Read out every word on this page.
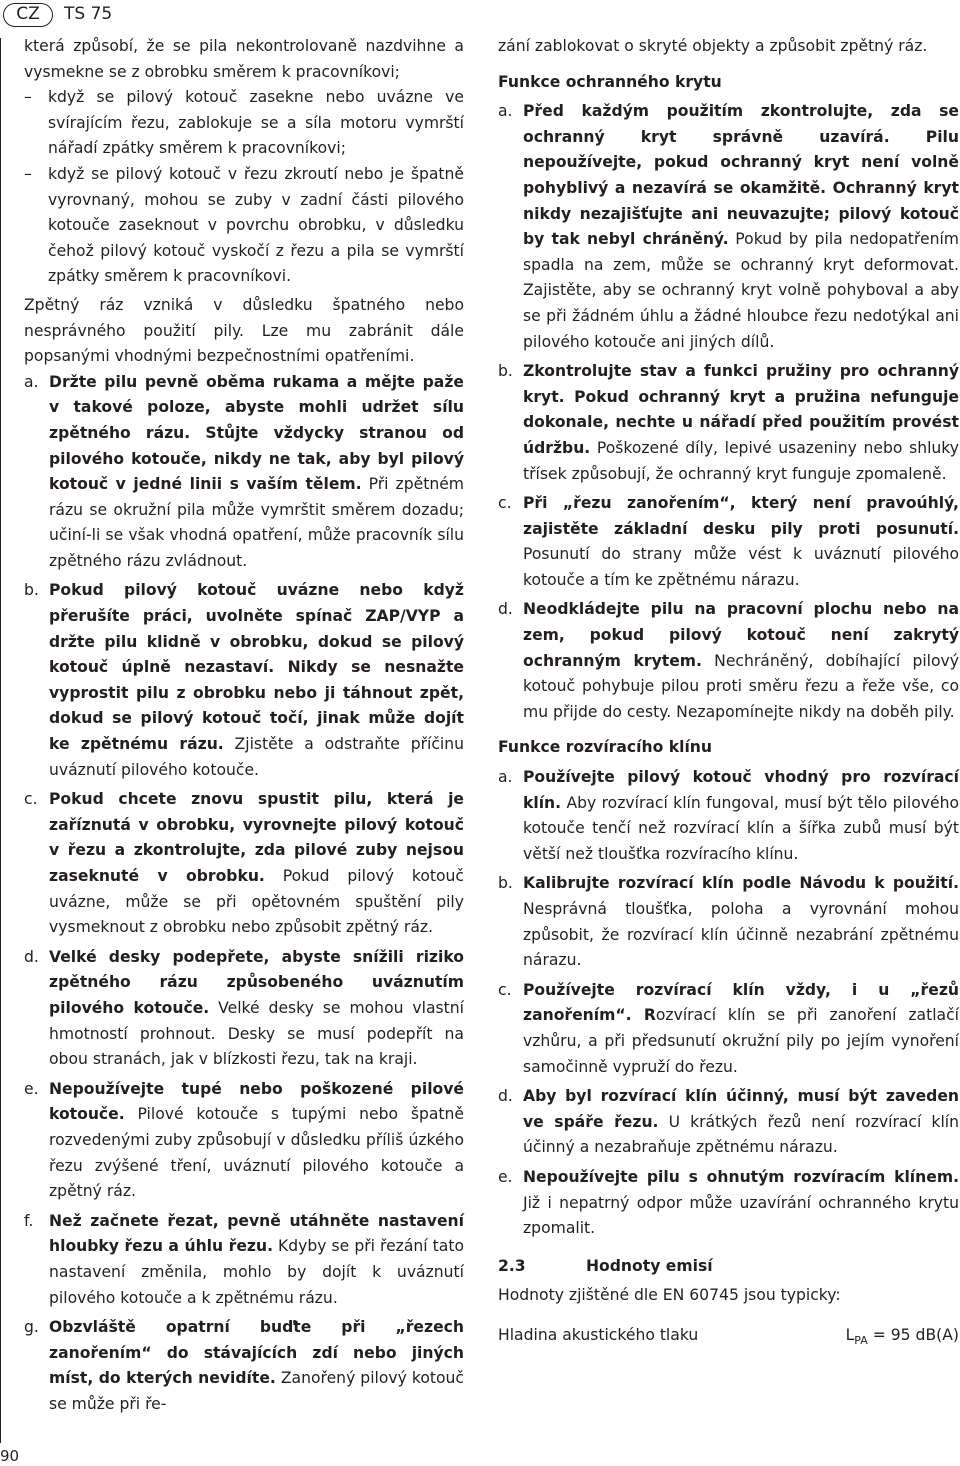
CZ	TS 75
90

která způsobí, že se pila nekontrolovaně nazdvihne a vysmekne se z obrobku směrem k pracovníkovi;

– když se pilový kotouč zasekne nebo uvázne ve svírajícím řezu, zablokuje se a síla motoru vymrští nářadí zpátky směrem k pracovníkovi;

– když se pilový kotouč v řezu zkroutí nebo je špatně vyrovnaný, mohou se zuby v zadní části pilového kotouče zaseknout v povrchu obrobku, v důsledku čehož pilový kotouč vyskočí z řezu a pila se vymrští zpátky směrem k pracovníkovi.

Zpětný ráz vzniká v důsledku špatného nebo nesprávného použití pily. Lze mu zabránit dále popsanými vhodnými bezpečnostními opatřeními.

a. Držte pilu pevně oběma rukama a mějte paže v takové poloze, abyste mohli udržet sílu zpětného rázu. Stůjte vždycky stranou od pilového kotouče, nikdy ne tak, aby byl pilový kotouč v jedné linii s vaším tělem. Při zpětném rázu se okružní pila může vymrštit směrem dozadu; učiní-li se však vhodná opatření, může pracovník sílu zpětného rázu zvládnout.
b. Pokud pilový kotouč uvázne nebo když přerušíte práci, uvolněte spínač ZAP/VYP a držte pilu klidně v obrobku, dokud se pilový kotouč úplně nezastaví. Nikdy se nesnažte vyprostit pilu z obrobku nebo ji táhnout zpět, dokud se pilový kotouč točí, jinak může dojít ke zpětnému rázu. Zjistěte a odstraňte příčinu uváznutí pilového kotouče.
c. Pokud chcete znovu spustit pilu, která je zaříznutá v obrobku, vyrovnejte pilový kotouč v řezu a zkontrolujte, zda pilové zuby nejsou zaseknuté v obrobku. Pokud pilový kotouč uvázne, může se při opětovném spuštění pily vysmeknout z obrobku nebo způsobit zpětný ráz.
d. Velké desky podepřete, abyste snížili riziko zpětného rázu způsobeného uváznutím pilového kotouče. Velké desky se mohou vlastní hmotností prohnout. Desky se musí podepřít na obou stranách, jak v blízkosti řezu, tak na kraji.
e. Nepoužívejte tupé nebo poškozené pilové kotouče. Pilové kotouče s tupými nebo špatně rozvedenými zuby způsobují v důsledku příliš úzkého řezu zvýšené tření, uváznutí pilového kotouče a zpětný ráz.
f. Než začnete řezat, pevně utáhněte nastavení hloubky řezu a úhlu řezu. Kdyby se při řezání tato nastavení změnila, mohlo by dojít k uváznutí pilového kotouče a k zpětnému rázu.
g. Obzvláště opatrní buďte při „řezech zanořením“ do stávajících zdí nebo jiných míst, do kterých nevidíte. Zanořený pilový kotouč se může při ře-

zání zablokovat o skryté objekty a způsobit zpětný ráz.

Funkce ochranného krytu
a. Před každým použitím zkontrolujte, zda se ochranný kryt správně uzavírá. Pilu nepoužívejte, pokud ochranný kryt není volně pohyblivý a nezavírá se okamžitě. Ochranný kryt nikdy nezajišťujte ani neuvazujte; pilový kotouč by tak nebyl chráněný. Pokud by pila nedopatřením spadla na zem, může se ochranný kryt deformovat. Zajistěte, aby se ochranný kryt volně pohyboval a aby se při žádném úhlu a žádné hloubce řezu nedotýkal ani pilového kotouče ani jiných dílů.
b. Zkontrolujte stav a funkci pružiny pro ochranný kryt. Pokud ochranný kryt a pružina nefunguje dokonale, nechte u nářadí před použitím provést údržbu. Poškozené díly, lepivé usazeniny nebo shluky třísek způsobují, že ochranný kryt funguje zpomaleně.
c. Při „řezu zanořením“, který není pravoúhlý, zajistěte základní desku pily proti posunutí. Posunutí do strany může vést k uváznutí pilového kotouče a tím ke zpětnému nárazu.
d. Neodkládejte pilu na pracovní plochu nebo na zem, pokud pilový kotouč není zakrytý ochranným krytem. Nechráněný, dobíhající pilový kotouč pohybuje pilou proti směru řezu a řeže vše, co mu přijde do cesty. Nezapomínejte nikdy na doběh pily.
Funkce rozvíracího klínu
a. Používejte pilový kotouč vhodný pro rozvírací klín. Aby rozvírací klín fungoval, musí být tělo pilového kotouče tenčí než rozvírací klín a šířka zubů musí být větší než tloušťka rozvíracího klínu.
b. Kalibrujte rozvírací klín podle Návodu k použití. Nesprávná tloušťka, poloha a vyrovnání mohou způsobit, že rozvírací klín účinně nezabrání zpětnému nárazu.
c. Používejte rozvírací klín vždy, i u „řezů zanořením“. Rozvírací klín se při zanoření zatlačí vzhůru, a při předsunutí okružní pily po jejím vynoření samočinně vypruží do řezu.
d. Aby byl rozvírací klín účinný, musí být zaveden ve spáře řezu. U krátkých řezů není rozvírací klín účinný a nezabraňuje zpětnému nárazu.
e. Nepoužívejte pilu s ohnutým rozvíracím klínem. Již i nepatrný odpor může uzavírání ochranného krytu zpomalit.
2.3	Hodnoty emisí

Hodnoty zjištěné dle EN 60745 jsou typicky:

Hladina akustického tlaku	$L_{PA} = 95$ dB(A)
